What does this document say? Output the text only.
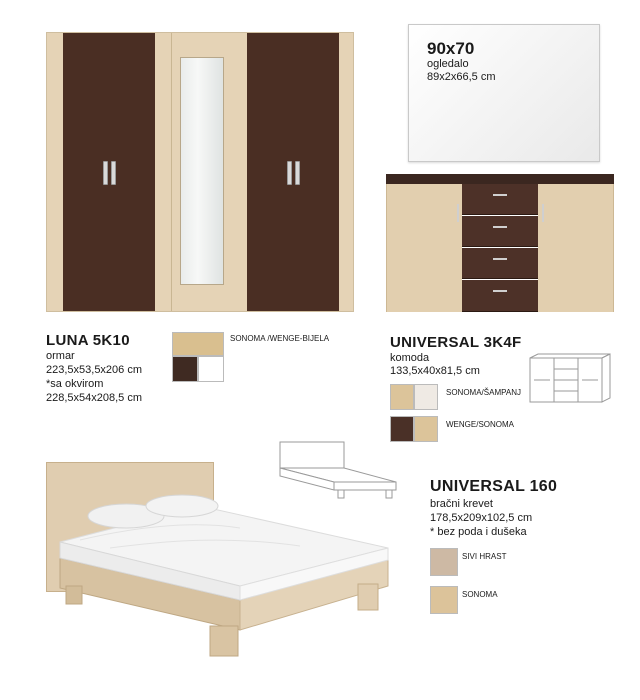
90x70
ogledalo
89x2x66,5 cm
LUNA 5K10
ormar
223,5x53,5x206 cm
*sa okvirom
228,5x54x208,5 cm
SONOMA /WENGE-BIJELA	UNIVERSAL 3K4F
komoda
133,5x40x81,5 cm
SONOMA/ŠAMPANJ
WENGE/SONOMA
UNIVERSAL 160
bračni krevet
178,5x209x102,5 cm
* bez poda i dušeka
SIVI HRAST
SONOMA
